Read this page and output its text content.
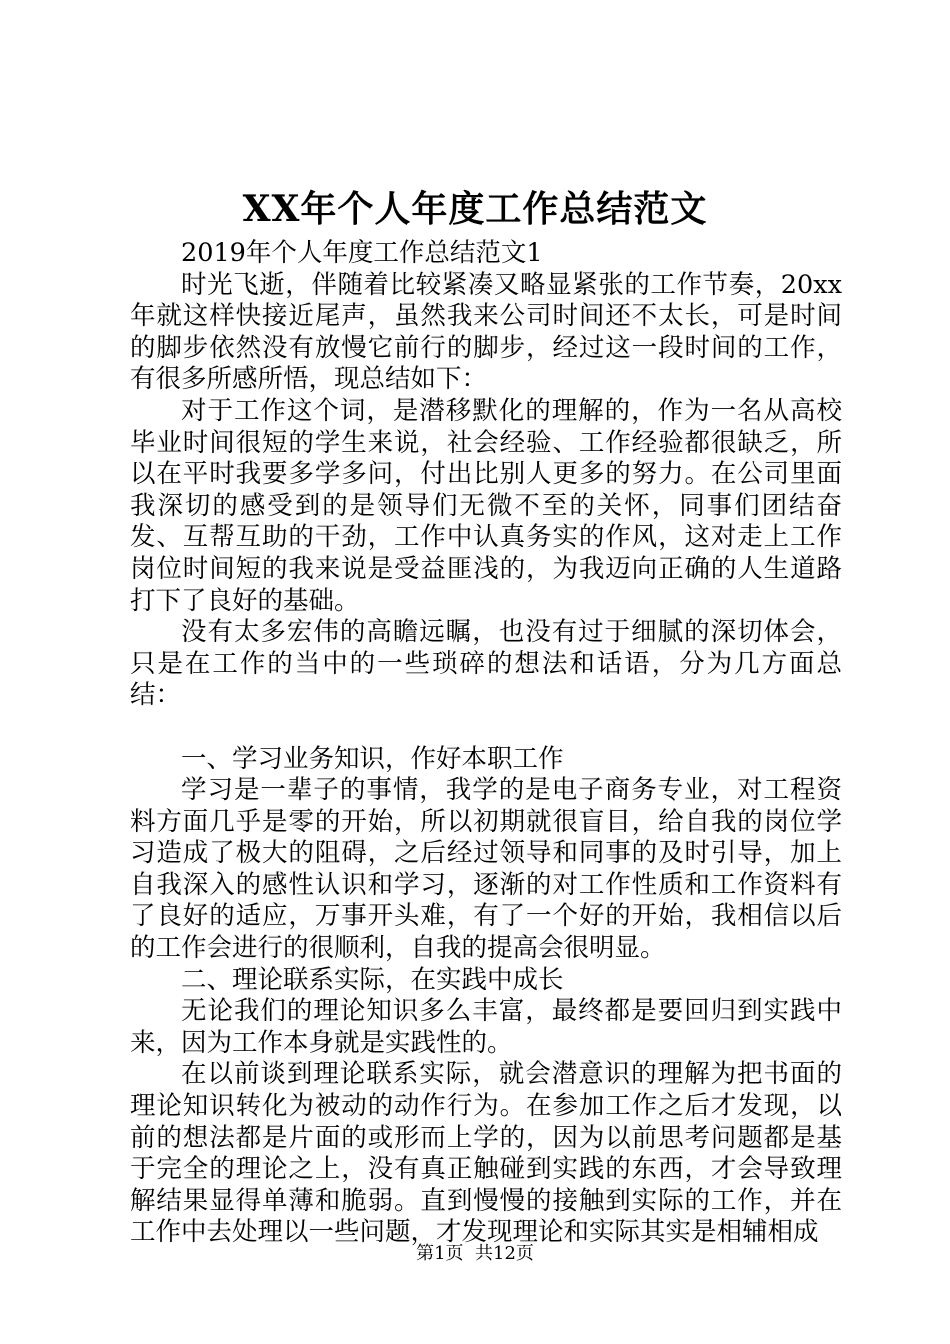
XX年个人年度工作总结范文

2019年个人年度工作总结范文1

时光飞逝，伴随着比较紧凑又略显紧张的工作节奏，20xx年就这样快接近尾声，虽然我来公司时间还不太长，可是时间的脚步依然没有放慢它前行的脚步，经过这一段时间的工作，有很多所感所悟，现总结如下：

对于工作这个词，是潜移默化的理解的，作为一名从高校毕业时间很短的学生来说，社会经验、工作经验都很缺乏，所以在平时我要多学多问，付出比别人更多的努力。在公司里面我深切的感受到的是领导们无微不至的关怀，同事们团结奋发、互帮互助的干劲，工作中认真务实的作风，这对走上工作岗位时间短的我来说是受益匪浅的，为我迈向正确的人生道路打下了良好的基础。

没有太多宏伟的高瞻远瞩，也没有过于细腻的深切体会，只是在工作的当中的一些琐碎的想法和话语，分为几方面总结：

一、学习业务知识，作好本职工作

学习是一辈子的事情，我学的是电子商务专业，对工程资料方面几乎是零的开始，所以初期就很盲目，给自我的岗位学习造成了极大的阻碍，之后经过领导和同事的及时引导，加上自我深入的感性认识和学习，逐渐的对工作性质和工作资料有了良好的适应，万事开头难，有了一个好的开始，我相信以后的工作会进行的很顺利，自我的提高会很明显。

二、理论联系实际，在实践中成长

无论我们的理论知识多么丰富，最终都是要回归到实践中来，因为工作本身就是实践性的。

在以前谈到理论联系实际，就会潜意识的理解为把书面的理论知识转化为被动的动作行为。在参加工作之后才发现，以前的想法都是片面的或形而上学的，因为以前思考问题都是基于完全的理论之上，没有真正触碰到实践的东西，才会导致理解结果显得单薄和脆弱。直到慢慢的接触到实际的工作，并在工作中去处理以一些问题，才发现理论和实际其实是相辅相成

第1页 共12页
